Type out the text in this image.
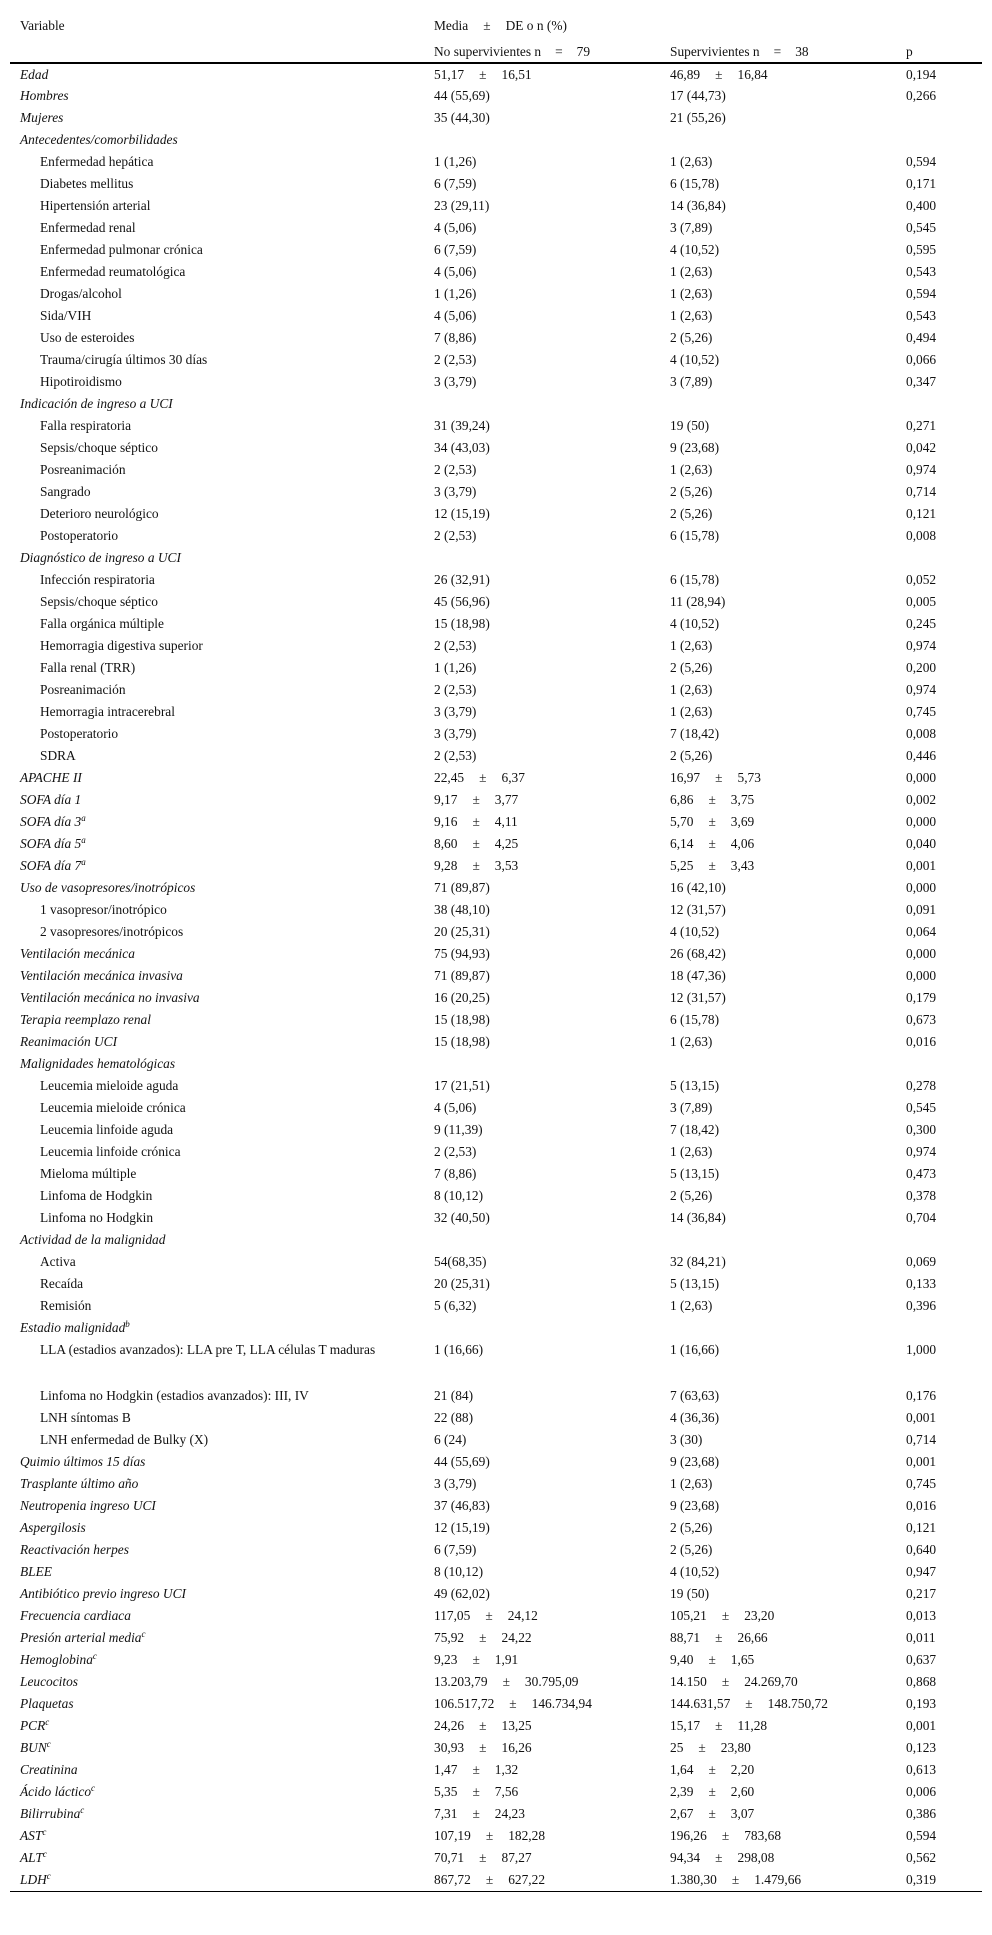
Variable	Media ± DE o n (%)		
	No supervivientes n = 79	Supervivientes n = 38	p
Edad	51,17 ± 16,51	46,89 ± 16,84	0,194
Hombres	44 (55,69)	17 (44,73)	0,266
Mujeres	35 (44,30)	21 (55,26)	
Antecedentes/comorbilidades			
Enfermedad hepática	1 (1,26)	1 (2,63)	0,594
Diabetes mellitus	6 (7,59)	6 (15,78)	0,171
Hipertensión arterial	23 (29,11)	14 (36,84)	0,400
Enfermedad renal	4 (5,06)	3 (7,89)	0,545
Enfermedad pulmonar crónica	6 (7,59)	4 (10,52)	0,595
Enfermedad reumatológica	4 (5,06)	1 (2,63)	0,543
Drogas/alcohol	1 (1,26)	1 (2,63)	0,594
Sida/VIH	4 (5,06)	1 (2,63)	0,543
Uso de esteroides	7 (8,86)	2 (5,26)	0,494
Trauma/cirugía últimos 30 días	2 (2,53)	4 (10,52)	0,066
Hipotiroidismo	3 (3,79)	3 (7,89)	0,347
Indicación de ingreso a UCI			
Falla respiratoria	31 (39,24)	19 (50)	0,271
Sepsis/choque séptico	34 (43,03)	9 (23,68)	0,042
Posreanimación	2 (2,53)	1 (2,63)	0,974
Sangrado	3 (3,79)	2 (5,26)	0,714
Deterioro neurológico	12 (15,19)	2 (5,26)	0,121
Postoperatorio	2 (2,53)	6 (15,78)	0,008
Diagnóstico de ingreso a UCI			
Infección respiratoria	26 (32,91)	6 (15,78)	0,052
Sepsis/choque séptico	45 (56,96)	11 (28,94)	0,005
Falla orgánica múltiple	15 (18,98)	4 (10,52)	0,245
Hemorragia digestiva superior	2 (2,53)	1 (2,63)	0,974
Falla renal (TRR)	1 (1,26)	2 (5,26)	0,200
Posreanimación	2 (2,53)	1 (2,63)	0,974
Hemorragia intracerebral	3 (3,79)	1 (2,63)	0,745
Postoperatorio	3 (3,79)	7 (18,42)	0,008
SDRA	2 (2,53)	2 (5,26)	0,446
APACHE II	22,45 ± 6,37	16,97 ± 5,73	0,000
SOFA día 1	9,17 ± 3,77	6,86 ± 3,75	0,002
SOFA día 3$^a$	9,16 ± 4,11	5,70 ± 3,69	0,000
SOFA día 5$^a$	8,60 ± 4,25	6,14 ± 4,06	0,040
SOFA día 7$^a$	9,28 ± 3,53	5,25 ± 3,43	0,001
Uso de vasopresores/inotrópicos	71 (89,87)	16 (42,10)	0,000
1 vasopresor/inotrópico	38 (48,10)	12 (31,57)	0,091
2 vasopresores/inotrópicos	20 (25,31)	4 (10,52)	0,064
Ventilación mecánica	75 (94,93)	26 (68,42)	0,000
Ventilación mecánica invasiva	71 (89,87)	18 (47,36)	0,000
Ventilación mecánica no invasiva	16 (20,25)	12 (31,57)	0,179
Terapia reemplazo renal	15 (18,98)	6 (15,78)	0,673
Reanimación UCI	15 (18,98)	1 (2,63)	0,016
Malignidades hematológicas			
Leucemia mieloide aguda	17 (21,51)	5 (13,15)	0,278
Leucemia mieloide crónica	4 (5,06)	3 (7,89)	0,545
Leucemia linfoide aguda	9 (11,39)	7 (18,42)	0,300
Leucemia linfoide crónica	2 (2,53)	1 (2,63)	0,974
Mieloma múltiple	7 (8,86)	5 (13,15)	0,473
Linfoma de Hodgkin	8 (10,12)	2 (5,26)	0,378
Linfoma no Hodgkin	32 (40,50)	14 (36,84)	0,704
Actividad de la malignidad			
Activa	54(68,35)	32 (84,21)	0,069
Recaída	20 (25,31)	5 (13,15)	0,133
Remisión	5 (6,32)	1 (2,63)	0,396
Estadio malignidad$^b$			
LLA (estadios avanzados): LLA pre T, LLA células T maduras	1 (16,66)	1 (16,66)	1,000
Linfoma no Hodgkin (estadios avanzados): III, IV	21 (84)	7 (63,63)	0,176
LNH síntomas B	22 (88)	4 (36,36)	0,001
LNH enfermedad de Bulky (X)	6 (24)	3 (30)	0,714
Quimio últimos 15 días	44 (55,69)	9 (23,68)	0,001
Trasplante último año	3 (3,79)	1 (2,63)	0,745
Neutropenia ingreso UCI	37 (46,83)	9 (23,68)	0,016
Aspergilosis	12 (15,19)	2 (5,26)	0,121
Reactivación herpes	6 (7,59)	2 (5,26)	0,640
BLEE	8 (10,12)	4 (10,52)	0,947
Antibiótico previo ingreso UCI	49 (62,02)	19 (50)	0,217
Frecuencia cardiaca	117,05 ± 24,12	105,21 ± 23,20	0,013
Presión arterial media$^c$	75,92 ± 24,22	88,71 ± 26,66	0,011
Hemoglobina$^c$	9,23 ± 1,91	9,40 ± 1,65	0,637
Leucocitos	13.203,79 ± 30.795,09	14.150 ± 24.269,70	0,868
Plaquetas	106.517,72 ± 146.734,94	144.631,57 ± 148.750,72	0,193
PCR$^c$	24,26 ± 13,25	15,17 ± 11,28	0,001
BUN$^c$	30,93 ± 16,26	25 ± 23,80	0,123
Creatinina	1,47 ± 1,32	1,64 ± 2,20	0,613
Ácido láctico$^c$	5,35 ± 7,56	2,39 ± 2,60	0,006
Bilirrubina$^c$	7,31 ± 24,23	2,67 ± 3,07	0,386
AST$^c$	107,19 ± 182,28	196,26 ± 783,68	0,594
ALT$^c$	70,71 ± 87,27	94,34 ± 298,08	0,562
LDH$^c$	867,72 ± 627,22	1.380,30 ± 1.479,66	0,319
